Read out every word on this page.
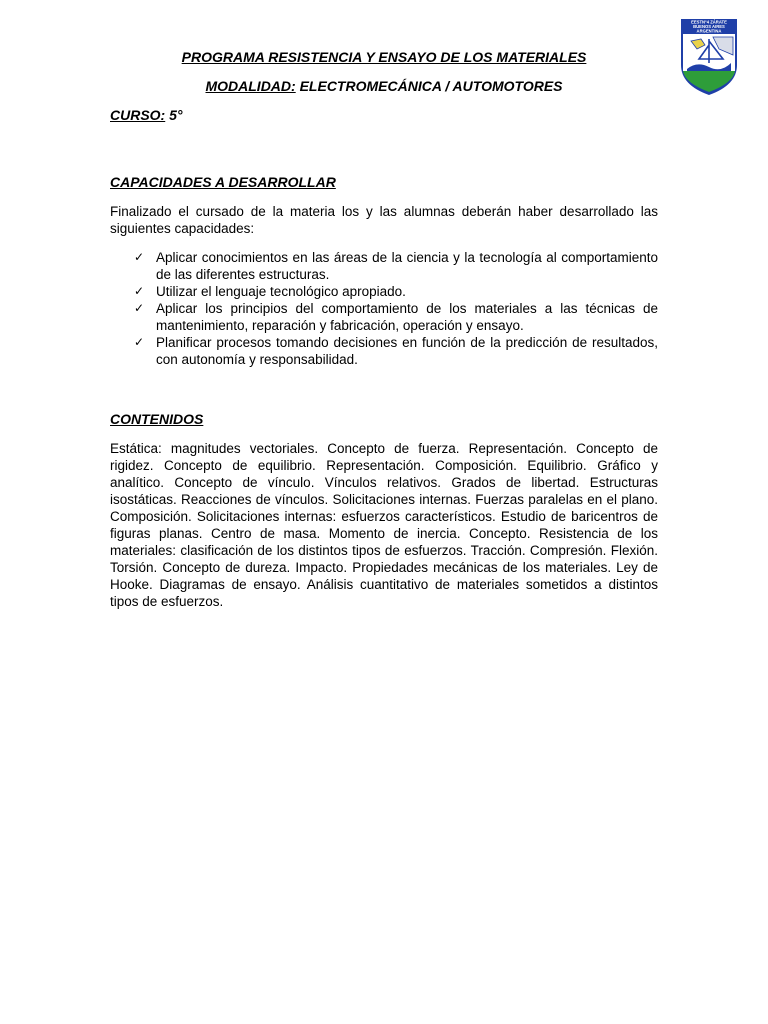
PROGRAMA RESISTENCIA Y ENSAYO DE LOS MATERIALES
MODALIDAD: ELECTROMECÁNICA / AUTOMOTORES
CURSO: 5°
EESTN°4 ZÁRATE
BUENOS AIRES
ARGENTINA
CAPACIDADES A DESARROLLAR
Finalizado el cursado de la materia los y las alumnas deberán haber desarrollado las siguientes capacidades:
✓ Aplicar conocimientos en las áreas de la ciencia y la tecnología al comportamiento de las diferentes estructuras.
✓ Utilizar el lenguaje tecnológico apropiado.
✓ Aplicar los principios del comportamiento de los materiales a las técnicas de mantenimiento, reparación y fabricación, operación y ensayo.
✓ Planificar procesos tomando decisiones en función de la predicción de resultados, con autonomía y responsabilidad.
CONTENIDOS
Estática: magnitudes vectoriales. Concepto de fuerza. Representación. Concepto de rigidez. Concepto de equilibrio. Representación. Composición. Equilibrio. Gráfico y analítico. Concepto de vínculo. Vínculos relativos. Grados de libertad. Estructuras isostáticas. Reacciones de vínculos. Solicitaciones internas. Fuerzas paralelas en el plano. Composición. Solicitaciones internas: esfuerzos característicos. Estudio de baricentros de figuras planas. Centro de masa. Momento de inercia. Concepto. Resistencia de los materiales: clasificación de los distintos tipos de esfuerzos. Tracción. Compresión. Flexión. Torsión. Concepto de dureza. Impacto. Propiedades mecánicas de los materiales. Ley de Hooke. Diagramas de ensayo. Análisis cuantitativo de materiales sometidos a distintos tipos de esfuerzos.
